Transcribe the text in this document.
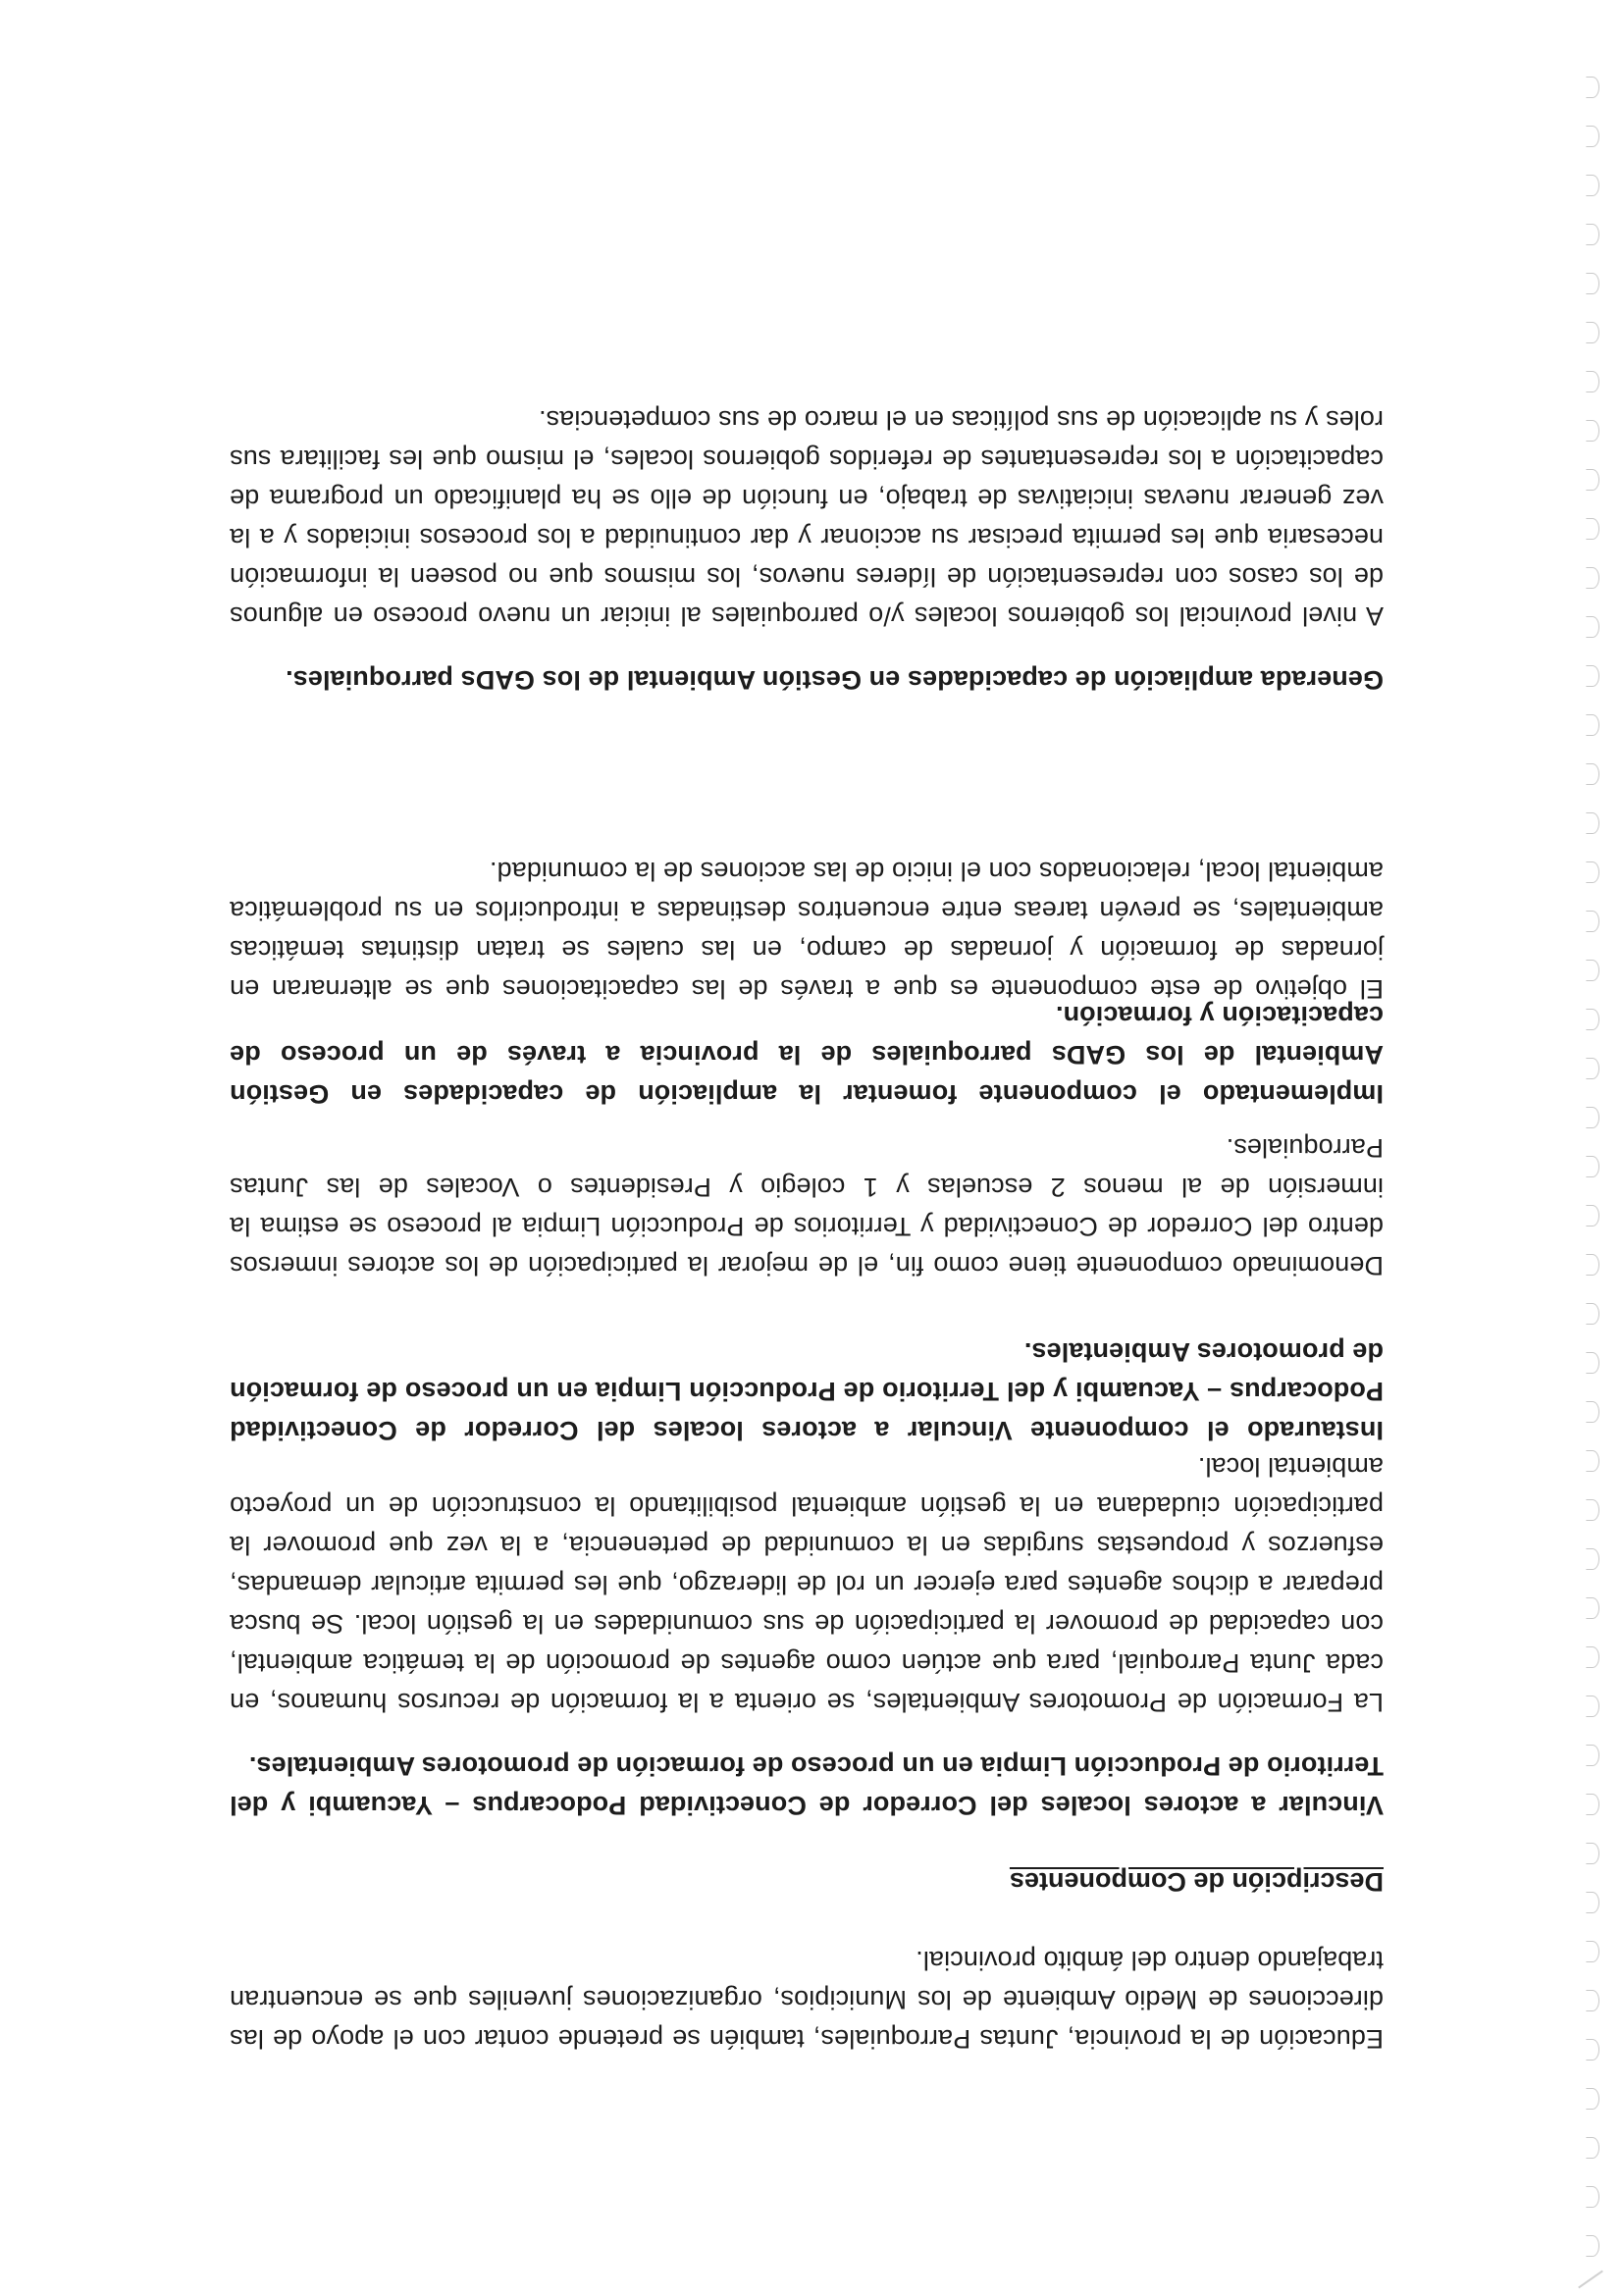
Educación de la provincia, Juntas Parroquiales, también se pretende contar con el apoyo de las direcciones de Medio Ambiente de los Municipios, organizaciones juveniles que se encuentran trabajando dentro del ámbito provincial.
Descripción de Componentes
Vincular a actores locales del Corredor de Conectividad Podocarpus – Yacuambi y del Territorio de Producción Limpia en un proceso de formación de promotores Ambientales.
La Formación de Promotores Ambientales, se orienta a la formación de recursos humanos, en cada Junta Parroquial, para que actúen como agentes de promoción de la temática ambiental, con capacidad de promover la participación de sus comunidades en la gestión local. Se busca preparar a dichos agentes para ejercer un rol de liderazgo, que les permita articular demandas, esfuerzos y propuestas surgidas en la comunidad de pertenencia, a la vez que promover la participación ciudadana en la gestión ambiental posibilitando la construcción de un proyecto ambiental local.
Instaurado el componente Vincular a actores locales del Corredor de Conectividad Podocarpus – Yacuambi y del Territorio de Producción Limpia en un proceso de formación de promotores Ambientales.
Denominado componente tiene como fin, el de mejorar la participación de los actores inmersos dentro del Corredor de Conectividad y Territorios de Producción Limpia al proceso se estima la inmersión de al menos 2 escuelas y 1 colegio y Presidentes o Vocales de las Juntas Parroquiales.
Implementado el componente fomentar la ampliación de capacidades en Gestión Ambiental de los GADs parroquiales de la provincia a través de un proceso de capacitación y formación.
El objetivo de este componente es que a través de las capacitaciones que se alternaran en jornadas de formación y jornadas de campo, en las cuales se tratan distintas temáticas ambientales, se prevén tareas entre encuentros destinadas a introducirlos en su problemática ambiental local, relacionados con el inicio de las acciones de la comunidad.
Generada ampliación de capacidades en Gestión Ambiental de los GADs parroquiales.
A nivel provincial los gobiernos locales y/o parroquiales al iniciar un nuevo proceso en algunos de los casos con representación de líderes nuevos, los mismos que no poseen la información necesaria que les permita precisar su accionar y dar continuidad a los procesos iniciados y a la vez generar nuevas iniciativas de trabajo, en función de ello se ha planificado un programa de capacitación a los representantes de referidos gobiernos locales, el mismo que les facilitara sus roles y su aplicación de sus políticas en el marco de sus competencias.
